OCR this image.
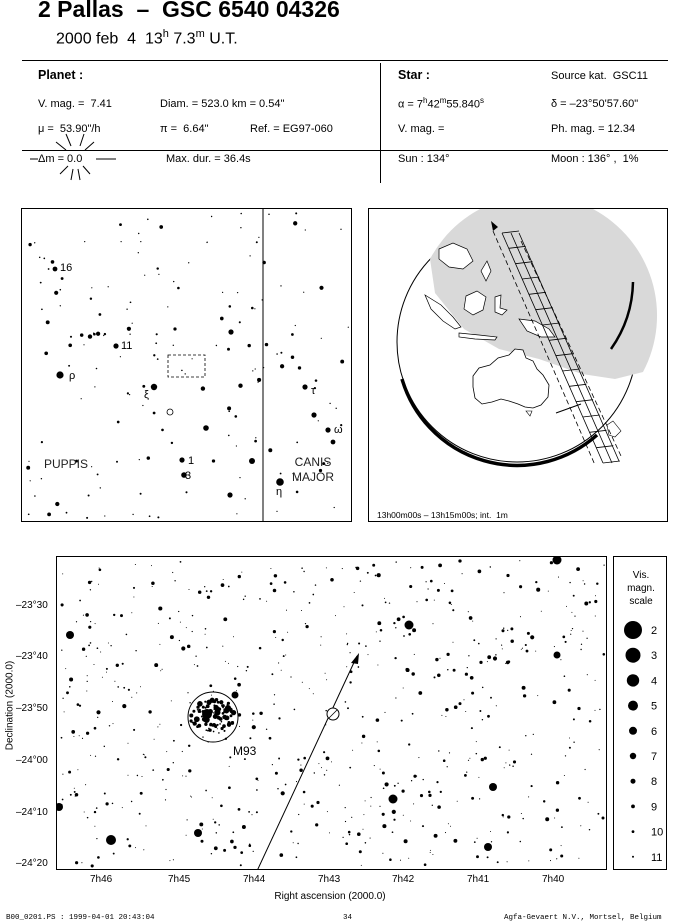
2 Pallas  –  GSC 6540 04326
2000 feb  4  13$^h$ 7.3$^m$ U.T.
Planet :
V. mag. =  7.41	Diam. = 523.0 km = 0.54"
μ =  53.90"/h	π =  6.64"	Ref. = EG97-060
Δm = 0.0	Max. dur. = 36.4s
Star :	Source kat.  GSC11
$\alpha = 7^h42^m55.840^s$	δ = –23°50'57.60"
V. mag. =	Ph. mag. = 12.34
Sun : 134°	Moon : 136° ,  1%
16
11
ρ
ξ
1
3
τ
ω
η
PUPPIS	CANIS
MAJOR
13h00m00s – 13h15m00s; int.  1m
M93
Declination (2000.0)
–23°30
–23°40
–23°50
–24°00
–24°10
–24°20
7h46	7h45	7h44	7h43	7h42	7h41	7h40
Right ascension (2000.0)
Vis.
magn.
scale
2
3
4
5
6
7
8
9
10
11
B00_0201.PS : 1999-04-01 20:43:04	34	Agfa-Gevaert N.V., Mortsel, Belgium
